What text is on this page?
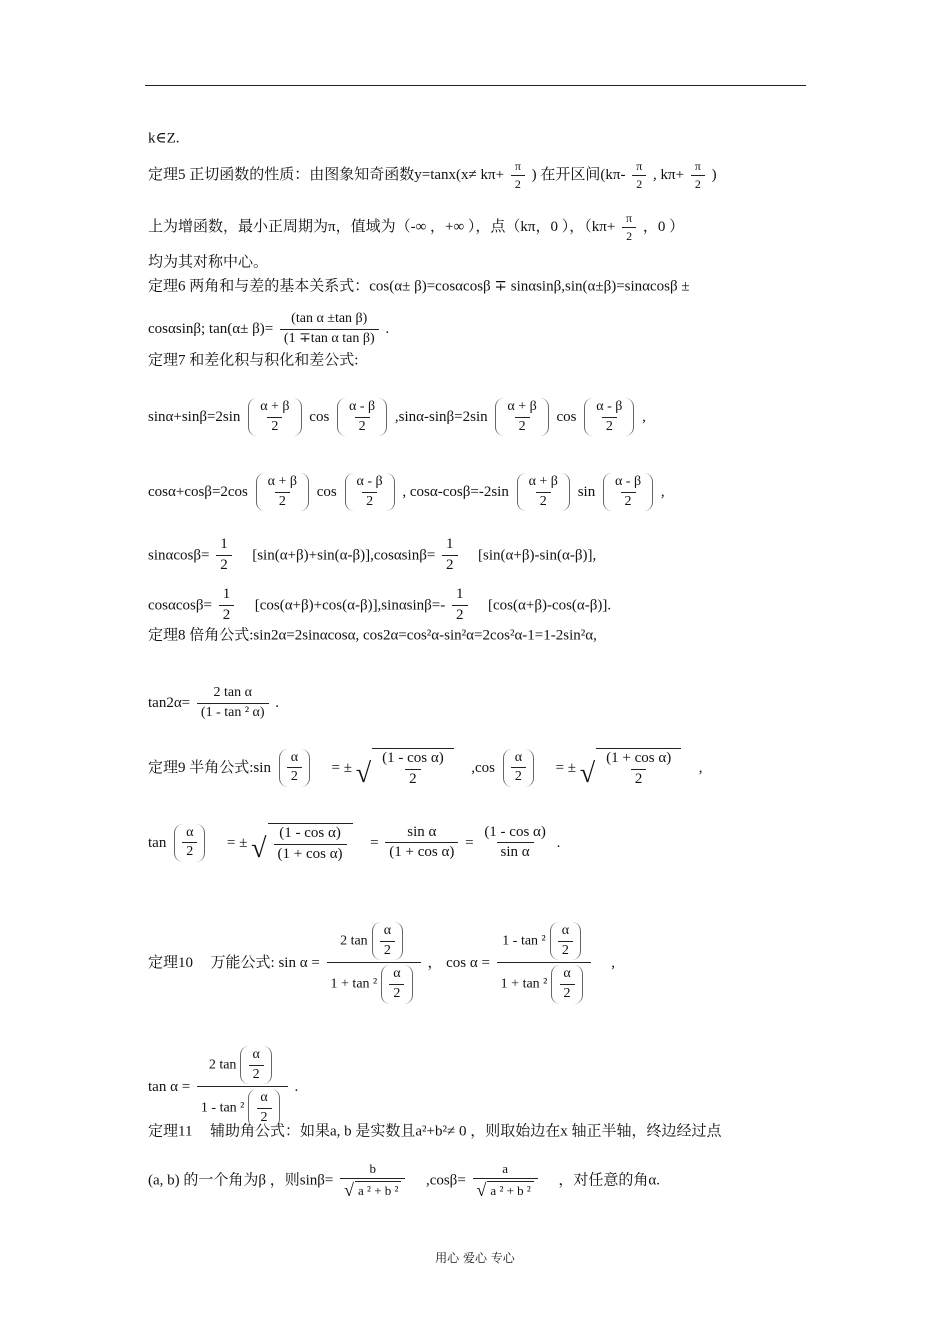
k∈Z.
定理5 正切函数的性质：由图象知奇函数$y=\tan x(x\ne k\pi+ \frac{\pi}{2}$ ) 在开区间($k\pi- \frac{\pi}{2}$ , $k\pi+ \frac{\pi}{2}$ )
上为增函数，最小正周期为π，值域为（-∞ ，+∞ ），点（kπ，0 ），（$k\pi+ \frac{\pi}{2}$ ，0 ）
均为其对称中心。
定理6 两角和与差的基本关系式：cos(α± β)=cosαcosβ ∓ sinαsinβ,sin(α±β)=sinαcosβ ±
cosαsinβ; $\tan(\alpha\pm \beta)= \frac{\text{(tan α ±tan β)}}{\text{(1 ∓tan α tan β)}}$ .
定理7 和差化积与积化和差公式:
$\sin\alpha+\sin\beta=2\sin \frac{\alpha + \beta}{2}$ $\cos \frac{\alpha - \beta}{2} ,\sin\alpha-\sin\beta=2\sin \frac{\alpha + \beta}{2}$ $\cos \frac{\alpha - \beta}{2}$ ,
$\cos\alpha+\cos\beta=2\cos \frac{\alpha + \beta}{2}$ $\cos \frac{\alpha - \beta}{2}$ , $\cos\alpha-\cos\beta=-2\sin \frac{\alpha + \beta}{2}$ $\sin \frac{\alpha - \beta}{2}$ ,
$\sin\alpha\cos\beta= \frac{1}{2} [\sin(\alpha+\beta)+\sin(\alpha-\beta)],\cos\alpha\sin\beta= \frac{1}{2} [\sin(\alpha+\beta)-\sin(\alpha-\beta)]$,
$\cos\alpha\cos\beta= \frac{1}{2} [\cos(\alpha+\beta)+\cos(\alpha-\beta)],\sin\alpha\sin\beta=- \frac{1}{2} [\cos(\alpha+\beta)-\cos(\alpha-\beta)]$.
定理8 倍角公式:sin2α=2sinαcosα, cos2α=cos²α-sin²α=2cos²α-1=1-2sin²α,
$\tan 2\alpha= \frac{\text{2 tan α}}{\text{(1 - tan ² α)}}$ .
定理9 半角公式:sin $\frac{\alpha}{2}$ = ± √ $\frac{\text{(1 - cos α)}}{2} ,\cos \frac{\alpha}{2}$ = ± √ $\frac{\text{(1 + cos α)}}{2}$ ,
$\tan \frac{\alpha}{2}$ = ± √ $\frac{\text{(1 - cos α)}}{\text{(1 + cos α)}} = \frac{\text{sin α}}{\text{(1 + cos α)}} = \frac{\text{(1 - cos α)}}{\text{sin α}}$ .
定理10 万能公式: $\sin \alpha = \frac{2 \tan \frac{\alpha}{2}}{1 + \tan ^2 \frac{\alpha}{2}}$ ， $\cos \alpha = \frac{1 - \tan ^2 \frac{\alpha}{2}}{1 + \tan ^2 \frac{\alpha}{2}}$ ,
$\tan \alpha = \frac{2 \tan \frac{\alpha}{2}}{1 - \tan ^2 \frac{\alpha}{2}}$ .
定理11 辅助角公式：如果a, b 是实数且a²+b²≠ 0 ，则取始边在x 轴正半轴，终边经过点
(a, b) 的一个角为β ，则$\sin\beta= \frac{b}{\text{√ a ² + b ²}} ,\cos\beta= \frac{a}{\text{√ a ² + b ²}}$ ，对任意的角α.
用心 爱心 专心
